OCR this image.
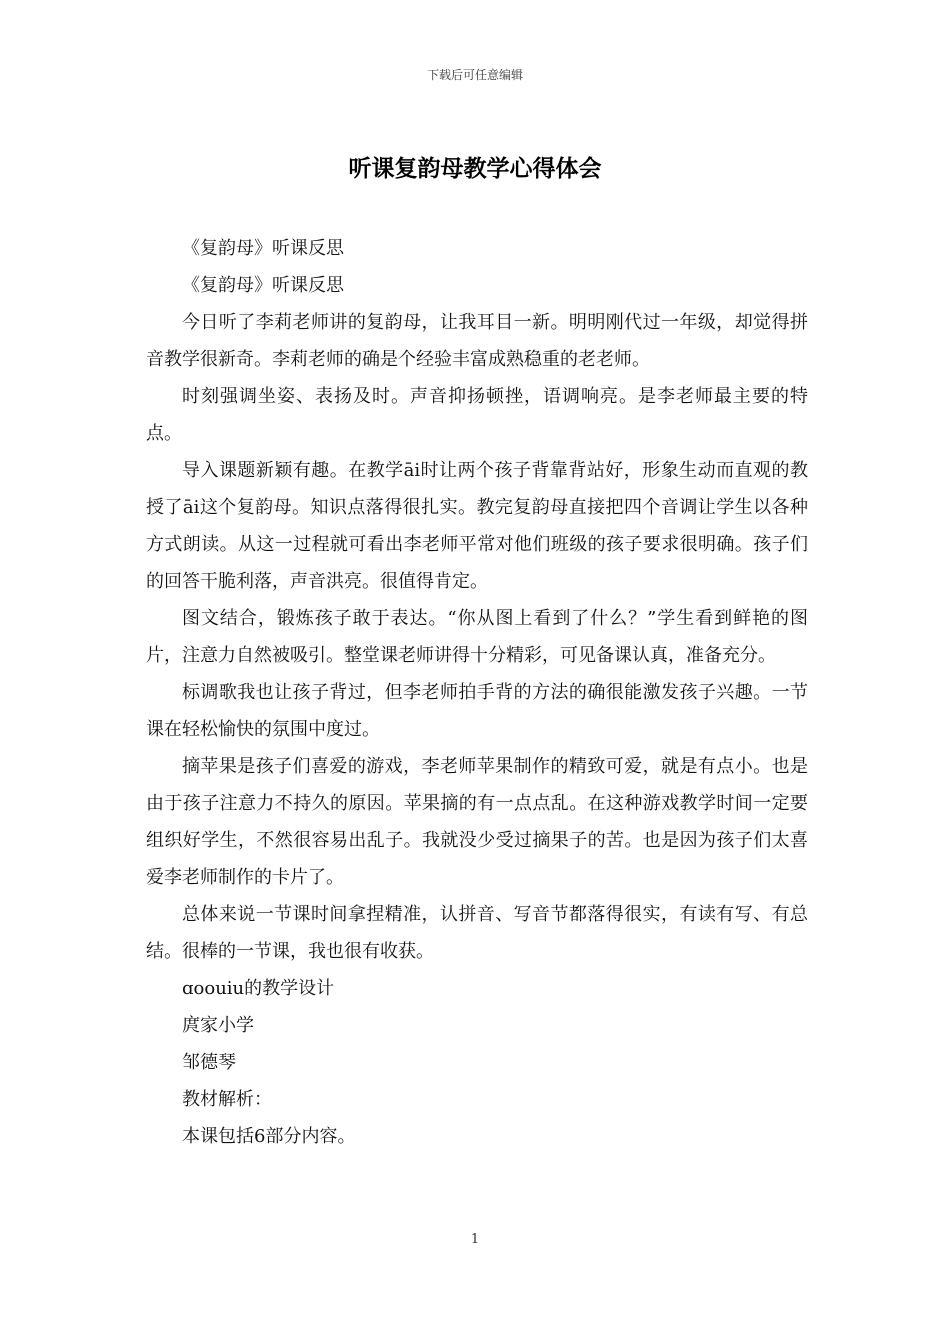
下载后可任意编辑
听课复韵母教学心得体会

《复韵母》听课反思

《复韵母》听课反思

今日听了李莉老师讲的复韵母，让我耳目一新。明明刚代过一年级，却觉得拼音教学很新奇。李莉老师的确是个经验丰富成熟稳重的老老师。

时刻强调坐姿、表扬及时。声音抑扬顿挫，语调响亮。是李老师最主要的特点。

导入课题新颖有趣。在教学āi时让两个孩子背靠背站好，形象生动而直观的教授了āi这个复韵母。知识点落得很扎实。教完复韵母直接把四个音调让学生以各种方式朗读。从这一过程就可看出李老师平常对他们班级的孩子要求很明确。孩子们的回答干脆利落，声音洪亮。很值得肯定。

图文结合，锻炼孩子敢于表达。“你从图上看到了什么？”学生看到鲜艳的图片，注意力自然被吸引。整堂课老师讲得十分精彩，可见备课认真，准备充分。

标调歌我也让孩子背过，但李老师拍手背的方法的确很能激发孩子兴趣。一节课在轻松愉快的氛围中度过。

摘苹果是孩子们喜爱的游戏，李老师苹果制作的精致可爱，就是有点小。也是由于孩子注意力不持久的原因。苹果摘的有一点点乱。在这种游戏教学时间一定要组织好学生，不然很容易出乱子。我就没少受过摘果子的苦。也是因为孩子们太喜爱李老师制作的卡片了。

总体来说一节课时间拿捏精准，认拼音、写音节都落得很实，有读有写、有总结。很棒的一节课，我也很有收获。

ɑoouiu的教学设计

庹家小学

邹德琴

教材解析：

本课包括6部分内容。

1
